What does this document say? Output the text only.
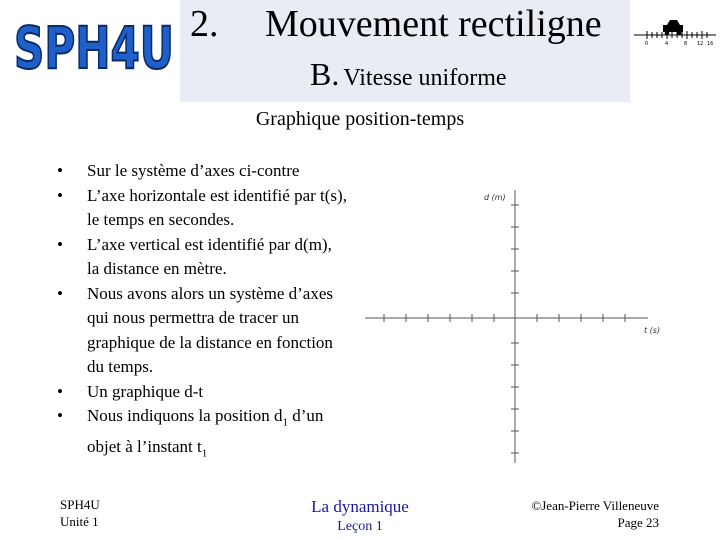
SPH4U 2. Mouvement rectiligne
B. Vitesse uniforme
0	4	8 12 16
Graphique position-temps
• Sur le système d’axes ci-contre
• L’axe horizontale est identifié par t(s), le temps en secondes.
• L’axe vertical est identifié par d(m), la distance en mètre.
• Nous avons alors un système d’axes qui nous permettra de tracer un graphique de la distance en fonction du temps.
• Un graphique d-t
• Nous indiquons la position $d_1$ d’un objet à l’instant $t_1$
d (m)
t (s)
SPH4U
Unité 1
La dynamique
Leçon 1
©Jean-Pierre Villeneuve
Page 23
